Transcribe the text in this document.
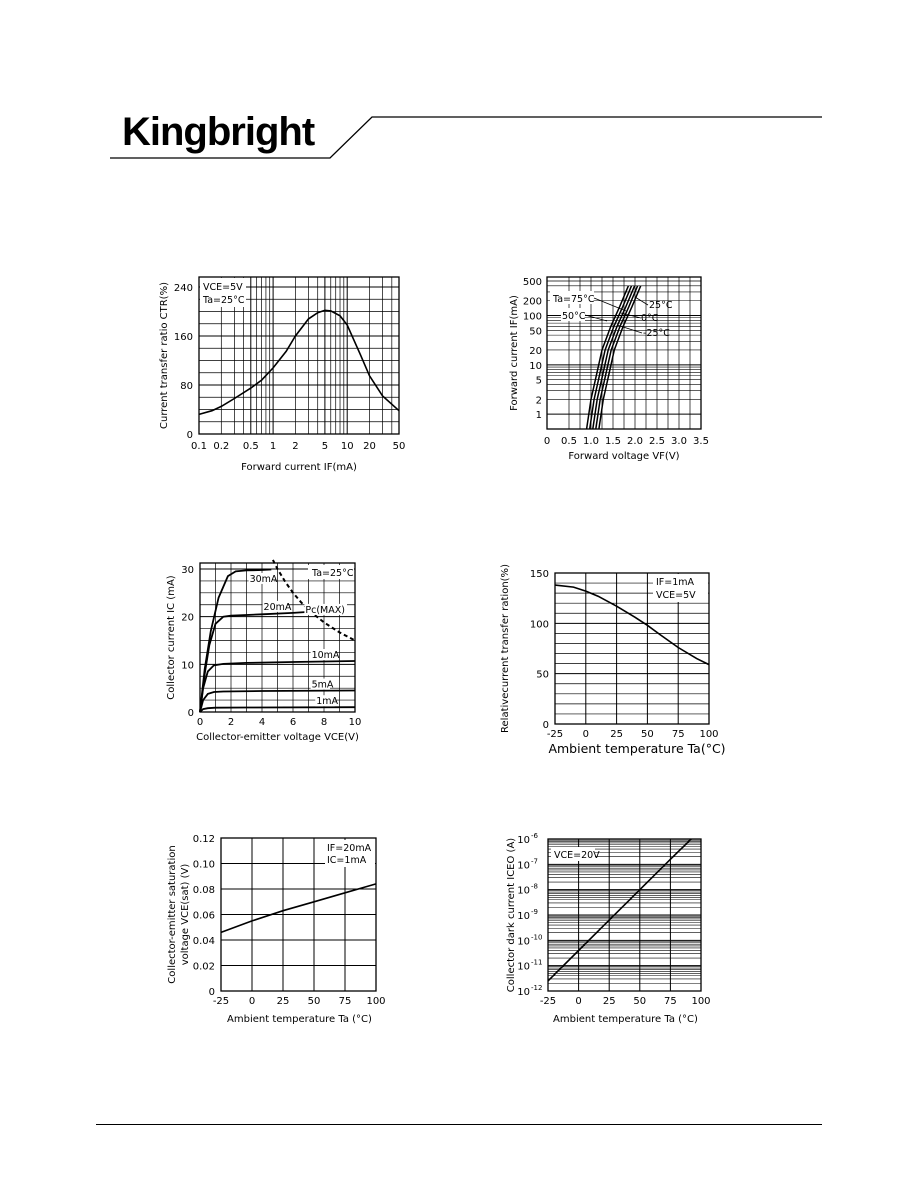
Kingbright
VCE=5V
Ta=25°C
0.1 0.2 0.5 1 2 5 10 20 50
0
80
160
240
Forward current IF(mA)
Current transfer ratio CTR(%)
0 0.5 1.0 1.5 2.0 2.5 3.0 3.5
1
2
5
10
20
50
100
200
500
Ta=75°C
50°C
25°C
0°C
-25°C
Forward voltage VF(V)
Forward current IF(mA)
Ta=25°C
0 2 4 6 8 10
0
10
20
30
30mA
20mA
10mA
5mA
1mA
Pc(MAX)
Collector-emitter voltage VCE(V)
Collector current IC (mA)	IF=1mA
VCE=5V
-25 0 25 50 75 100
0
50
100
150
Ambient temperature Ta(°C)
Relativecurrent transfer ration(%)
IF=20mA
IC=1mA
-25 0 25 50 75 100
0
0.02
0.04
0.06
0.08
0.10
0.12
Ambient temperature Ta (°C)
Collector-emitter saturation voltage VCE(sat) (V)
VCE=20V
-25 0 25 50 75 100
10 -12
10 -11
10 -10
10 -9
10 -8
10 -7
10 -6
Ambient temperature Ta (°C)
Collector dark current ICEO (A)
